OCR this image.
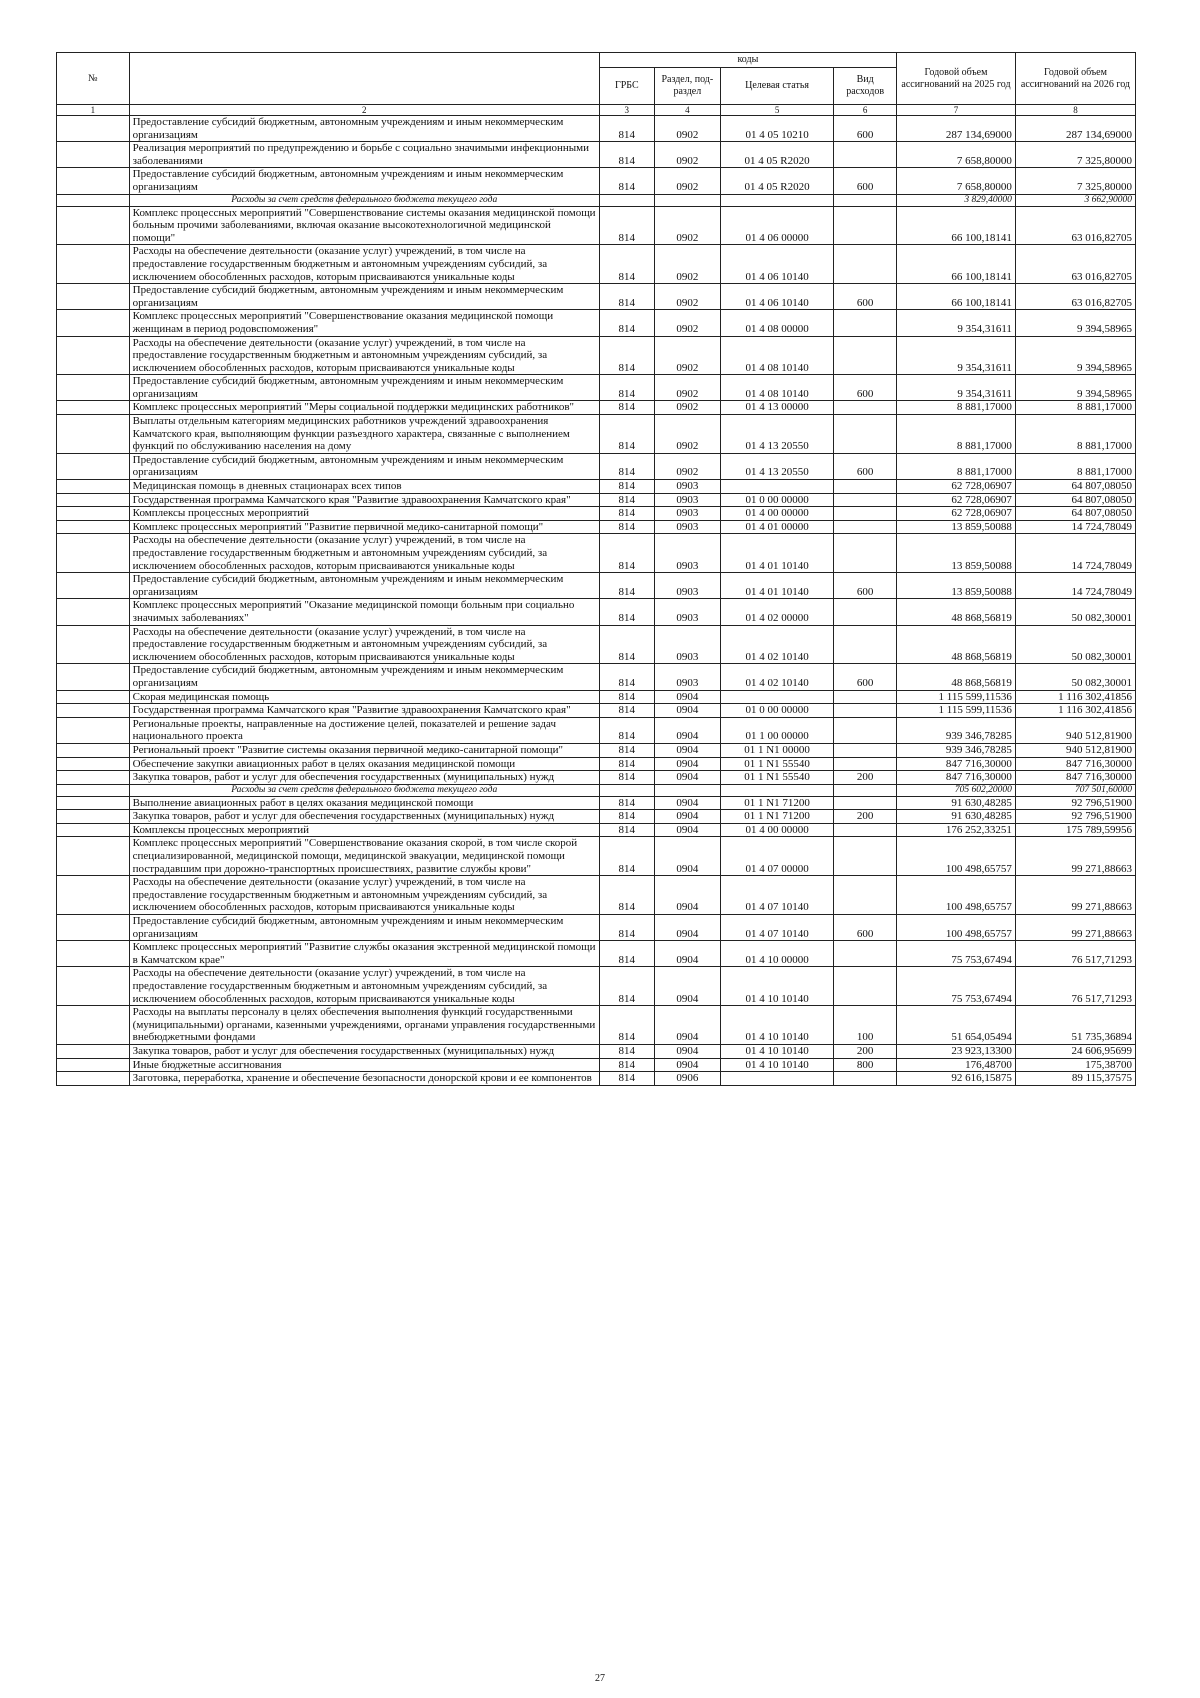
№		коды				Годовой объем ассигнований на 2025 год	Годовой объем ассигнований на 2026 год
		ГРБС	Раздел, под-раздел	Целевая статья	Вид расходов		
1	2	3	4	5	6	7	8
	Предоставление субсидий бюджетным, автономным учреждениям и иным некоммерческим организациям	814	0902	01 4 05 10210	600	287 134,69000	287 134,69000
	Реализация мероприятий по предупреждению и борьбе с социально значимыми инфекционными заболеваниями	814	0902	01 4 05 R2020		7 658,80000	7 325,80000
	Предоставление субсидий бюджетным, автономным учреждениям и иным некоммерческим организациям	814	0902	01 4 05 R2020	600	7 658,80000	7 325,80000
	Расходы за счет средств федерального бюджета текущего года					3 829,40000	3 662,90000
	Комплекс процессных мероприятий "Совершенствование системы оказания медицинской помощи больным прочими заболеваниями, включая оказание высокотехнологичной медицинской помощи"	814	0902	01 4 06 00000		66 100,18141	63 016,82705
	Расходы на обеспечение деятельности (оказание услуг) учреждений, в том числе на предоставление государственным бюджетным и автономным учреждениям субсидий, за исключением обособленных расходов, которым присваиваются уникальные коды	814	0902	01 4 06 10140		66 100,18141	63 016,82705
	Предоставление субсидий бюджетным, автономным учреждениям и иным некоммерческим организациям	814	0902	01 4 06 10140	600	66 100,18141	63 016,82705
	Комплекс процессных мероприятий "Совершенствование оказания медицинской помощи женщинам в период родовспоможения"	814	0902	01 4 08 00000		9 354,31611	9 394,58965
	Расходы на обеспечение деятельности (оказание услуг) учреждений, в том числе на предоставление государственным бюджетным и автономным учреждениям субсидий, за исключением обособленных расходов, которым присваиваются уникальные коды	814	0902	01 4 08 10140		9 354,31611	9 394,58965
	Предоставление субсидий бюджетным, автономным учреждениям и иным некоммерческим организациям	814	0902	01 4 08 10140	600	9 354,31611	9 394,58965
	Комплекс процессных мероприятий "Меры социальной поддержки медицинских работников"	814	0902	01 4 13 00000		8 881,17000	8 881,17000
	Выплаты отдельным категориям медицинских работников учреждений здравоохранения Камчатского края, выполняющим функции разъездного характера, связанные с выполнением функций по обслуживанию населения на дому	814	0902	01 4 13 20550		8 881,17000	8 881,17000
	Предоставление субсидий бюджетным, автономным учреждениям и иным некоммерческим организациям	814	0902	01 4 13 20550	600	8 881,17000	8 881,17000
	Медицинская помощь в дневных стационарах всех типов	814	0903			62 728,06907	64 807,08050
	Государственная программа Камчатского края "Развитие здравоохранения Камчатского края"	814	0903	01 0 00 00000		62 728,06907	64 807,08050
	Комплексы процессных мероприятий	814	0903	01 4 00 00000		62 728,06907	64 807,08050
	Комплекс процессных мероприятий "Развитие первичной медико-санитарной помощи"	814	0903	01 4 01 00000		13 859,50088	14 724,78049
	Расходы на обеспечение деятельности (оказание услуг) учреждений, в том числе на предоставление государственным бюджетным и автономным учреждениям субсидий, за исключением обособленных расходов, которым присваиваются уникальные коды	814	0903	01 4 01 10140		13 859,50088	14 724,78049
	Предоставление субсидий бюджетным, автономным учреждениям и иным некоммерческим организациям	814	0903	01 4 01 10140	600	13 859,50088	14 724,78049
	Комплекс процессных мероприятий "Оказание медицинской помощи больным при социально значимых заболеваниях"	814	0903	01 4 02 00000		48 868,56819	50 082,30001
	Расходы на обеспечение деятельности (оказание услуг) учреждений, в том числе на предоставление государственным бюджетным и автономным учреждениям субсидий, за исключением обособленных расходов, которым присваиваются уникальные коды	814	0903	01 4 02 10140		48 868,56819	50 082,30001
	Предоставление субсидий бюджетным, автономным учреждениям и иным некоммерческим организациям	814	0903	01 4 02 10140	600	48 868,56819	50 082,30001
	Скорая медицинская помощь	814	0904			1 115 599,11536	1 116 302,41856
	Государственная программа Камчатского края "Развитие здравоохранения Камчатского края"	814	0904	01 0 00 00000		1 115 599,11536	1 116 302,41856
	Региональные проекты, направленные на достижение целей, показателей и решение задач национального проекта	814	0904	01 1 00 00000		939 346,78285	940 512,81900
	Региональный проект "Развитие системы оказания первичной медико-санитарной помощи"	814	0904	01 1 N1 00000		939 346,78285	940 512,81900
	Обеспечение закупки авиационных работ в целях оказания медицинской помощи	814	0904	01 1 N1 55540		847 716,30000	847 716,30000
	Закупка товаров, работ и услуг для обеспечения государственных (муниципальных) нужд	814	0904	01 1 N1 55540	200	847 716,30000	847 716,30000
	Расходы за счет средств федерального бюджета текущего года					705 602,20000	707 501,60000
	Выполнение авиационных работ в целях оказания медицинской помощи	814	0904	01 1 N1 71200		91 630,48285	92 796,51900
	Закупка товаров, работ и услуг для обеспечения государственных (муниципальных) нужд	814	0904	01 1 N1 71200	200	91 630,48285	92 796,51900
	Комплексы процессных мероприятий	814	0904	01 4 00 00000		176 252,33251	175 789,59956
	Комплекс процессных мероприятий "Совершенствование оказания скорой, в том числе скорой специализированной, медицинской помощи, медицинской эвакуации, медицинской помощи пострадавшим при дорожно-транспортных происшествиях, развитие службы крови"	814	0904	01 4 07 00000		100 498,65757	99 271,88663
	Расходы на обеспечение деятельности (оказание услуг) учреждений, в том числе на предоставление государственным бюджетным и автономным учреждениям субсидий, за исключением обособленных расходов, которым присваиваются уникальные коды	814	0904	01 4 07 10140		100 498,65757	99 271,88663
	Предоставление субсидий бюджетным, автономным учреждениям и иным некоммерческим организациям	814	0904	01 4 07 10140	600	100 498,65757	99 271,88663
	Комплекс процессных мероприятий "Развитие службы оказания экстренной медицинской помощи в Камчатском крае"	814	0904	01 4 10 00000		75 753,67494	76 517,71293
	Расходы на обеспечение деятельности (оказание услуг) учреждений, в том числе на предоставление государственным бюджетным и автономным учреждениям субсидий, за исключением обособленных расходов, которым присваиваются уникальные коды	814	0904	01 4 10 10140		75 753,67494	76 517,71293
	Расходы на выплаты персоналу в целях обеспечения выполнения функций государственными (муниципальными) органами, казенными учреждениями, органами управления государственными внебюджетными фондами	814	0904	01 4 10 10140	100	51 654,05494	51 735,36894
	Закупка товаров, работ и услуг для обеспечения государственных (муниципальных) нужд	814	0904	01 4 10 10140	200	23 923,13300	24 606,95699
	Иные бюджетные ассигнования	814	0904	01 4 10 10140	800	176,48700	175,38700
	Заготовка, переработка, хранение и обеспечение безопасности донорской крови и ее компонентов	814	0906			92 616,15875	89 115,37575
27
